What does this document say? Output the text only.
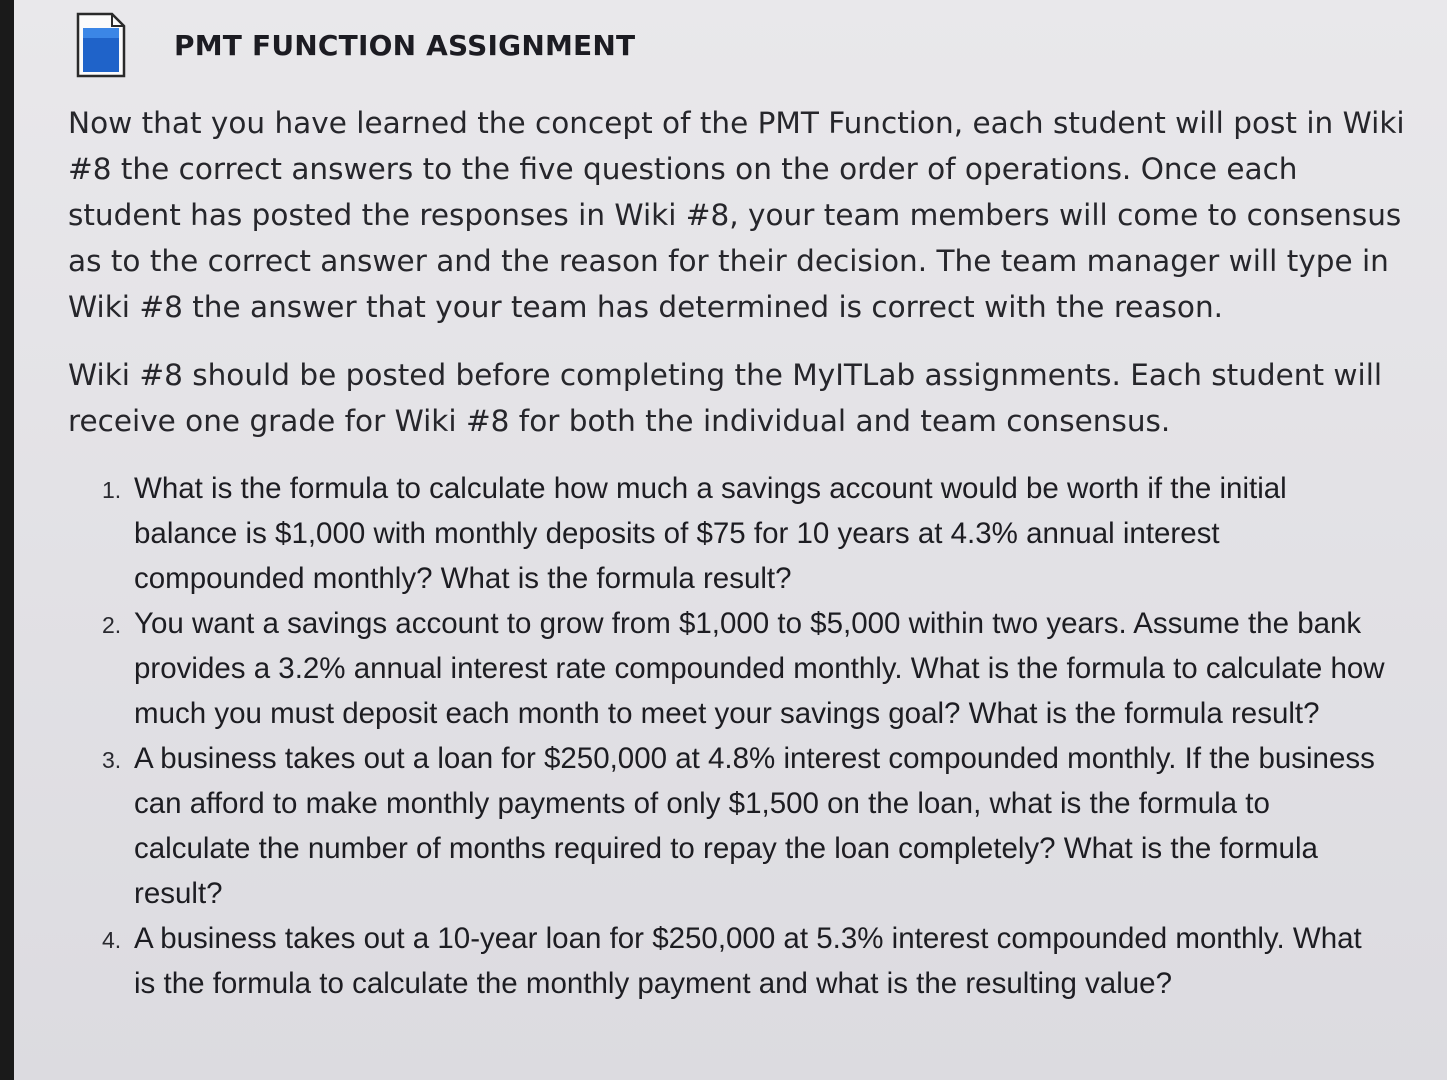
PMT FUNCTION ASSIGNMENT

Now that you have learned the concept of the PMT Function, each student will post in Wiki #8 the correct answers to the five questions on the order of operations. Once each student has posted the responses in Wiki #8, your team members will come to consensus as to the correct answer and the reason for their decision. The team manager will type in Wiki #8 the answer that your team has determined is correct with the reason.

Wiki #8 should be posted before completing the MyITLab assignments. Each student will receive one grade for Wiki #8 for both the individual and team consensus.

1. What is the formula to calculate how much a savings account would be worth if the initial balance is $1,000 with monthly deposits of $75 for 10 years at 4.3% annual interest compounded monthly? What is the formula result?
2. You want a savings account to grow from $1,000 to $5,000 within two years. Assume the bank provides a 3.2% annual interest rate compounded monthly. What is the formula to calculate how much you must deposit each month to meet your savings goal? What is the formula result?
3. A business takes out a loan for $250,000 at 4.8% interest compounded monthly. If the business can afford to make monthly payments of only $1,500 on the loan, what is the formula to calculate the number of months required to repay the loan completely? What is the formula result?
4. A business takes out a 10-year loan for $250,000 at 5.3% interest compounded monthly. What is the formula to calculate the monthly payment and what is the resulting value?
